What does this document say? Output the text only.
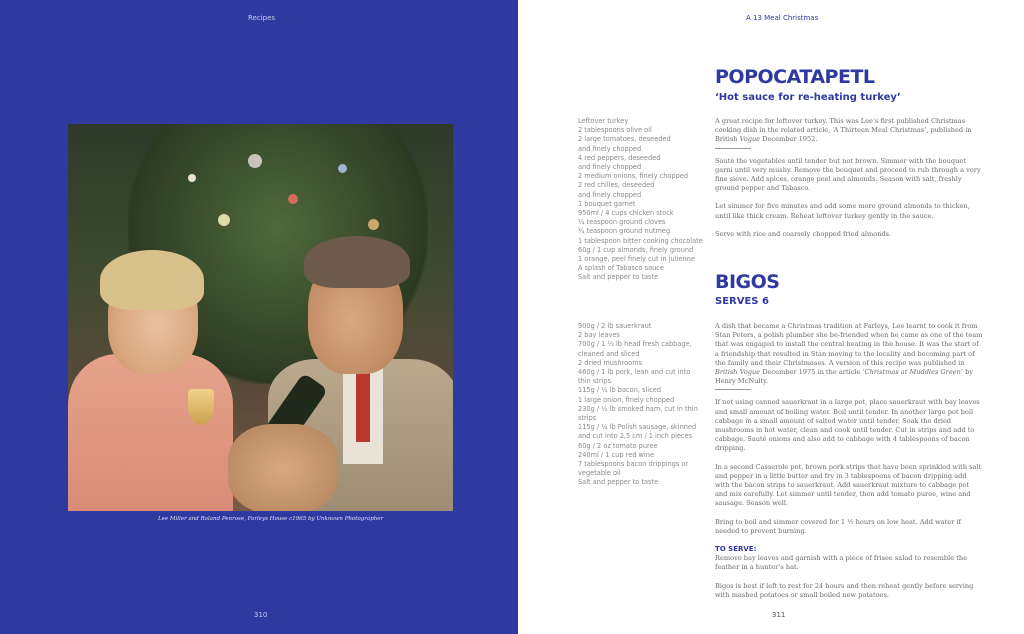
Recipes
Lee Miller and Roland Penrose, Farleys House c1965 by Unknown Photographer
310
A 13 Meal Christmas
POPOCATAPETL
‘Hot sauce for re-heating turkey’
Leftover turkey
2 tablespoons olive oil
2 large tomatoes, deseeded
and finely chopped
4 red peppers, deseeded
and finely chopped
2 medium onions, finely chopped
2 red chilies, deseeded
and finely chopped
1 bouquet garnet
950ml / 4 cups chicken stock
¼ teaspoon ground cloves
¾ teaspoon ground nutmeg
1 tablespoon bitter cooking chocolate
60g / 1 cup almonds, finely ground
1 orange, peel finely cut in julienne
A splash of Tabasco sauce
Salt and pepper to taste

A great recipe for leftover turkey. This was Lee’s first published Christmas cooking dish in the related article, ‘A Thirteen Meal Christmas’, published in British Vogue December 1952.

Sauté the vegetables until tender but not brown. Simmer with the bouquet garni until very mushy. Remove the bouquet and proceed to rub through a very fine sieve. Add spices, orange peel and almonds. Season with salt, freshly ground pepper and Tabasco.

Let simmer for five minutes and add some more ground almonds to thicken, until like thick cream. Reheat leftover turkey gently in the sauce.

Serve with rice and coarsely chopped fried almonds.

BIGOS
SERVES 6
900g / 2 lb sauerkraut
2 bay leaves
700g / 1 ½ lb head fresh cabbage,
cleaned and sliced
2 dried mushrooms
460g / 1 lb pork, lean and cut into
thin strips
115g / ¼ lb bacon, sliced
1 large onion, finely chopped
230g / ½ lb smoked ham, cut in thin
strips
115g / ¼ lb Polish sausage, skinned
and cut into 2,5 cm / 1 inch pieces
60g / 2 oz tomato puree
240ml / 1 cup red wine
7 tablespoons bacon drippings or
vegetable oil
Salt and pepper to taste

A dish that became a Christmas tradition at Farleys, Lee learnt to cook it from Stan Peters, a polish plumber she be-friended when he came as one of the team that was engaged to install the central heating in the house. It was the start of a friendship that resulted in Stan moving to the locality and becoming part of the family and their Christmases. A version of this recipe was published in British Vogue December 1975 in the article ‘Christmas at Muddles Green’ by Henry McNulty.

If not using canned sauerkraut in a large pot, place sauerkraut with bay leaves and small amount of boiling water. Boil until tender. In another large pot boil cabbage in a small amount of salted water until tender. Soak the dried mushrooms in hot water, clean and cook until tender. Cut in strips and add to cabbage. Sauté onions and also add to cabbage with 4 tablespoons of bacon dripping.

In a second Casserole pot, brown pork strips that have been sprinkled with salt and pepper in a little butter and fry in 3 tablespoons of bacon dripping add with the bacon strips to sauerkraut. Add sauerkraut mixture to cabbage pot and mix carefully. Let simmer until tender, then add tomato puree, wine and sausage. Season well.

Bring to boil and simmer covered for 1 ½ hours on low heat. Add water if needed to prevent burning.

TO SERVE:
Remove bay leaves and garnish with a piece of frisee salad to resemble the feather in a hunter’s hat.

Bigos is best if left to rest for 24 hours and then reheat gently before serving with mashed potatoes or small boiled new potatoes.

311
